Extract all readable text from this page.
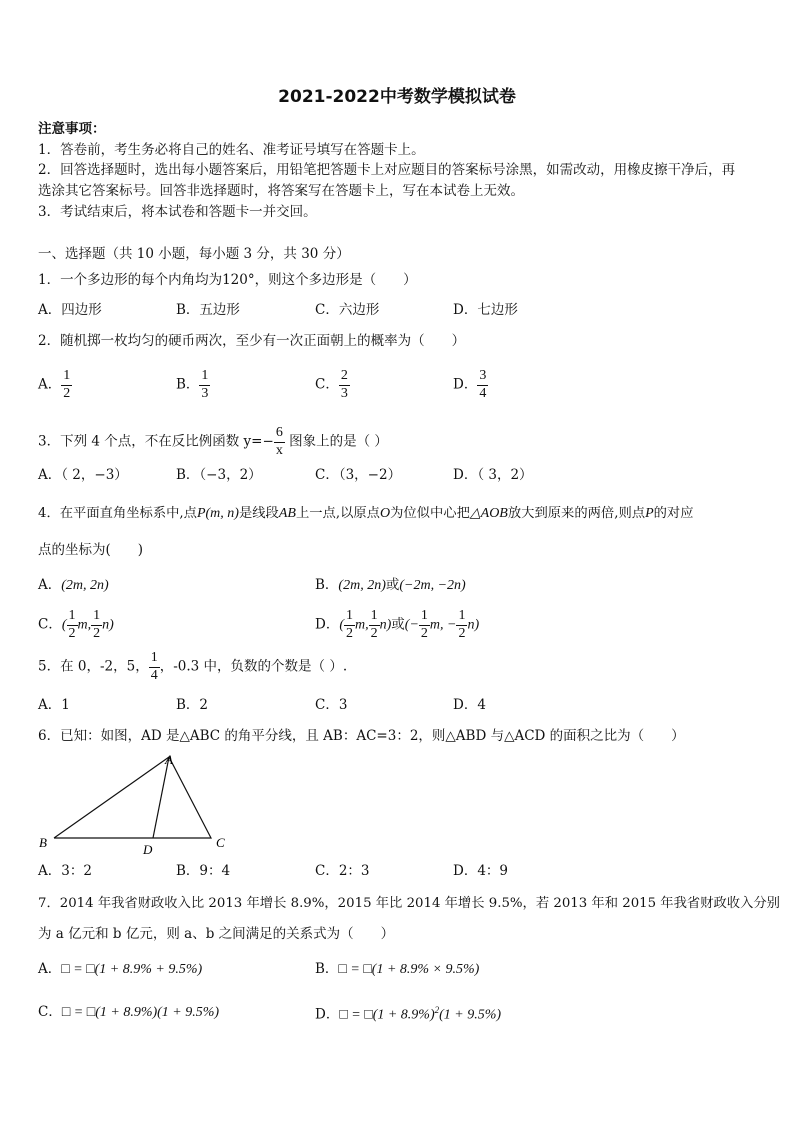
2021-2022中考数学模拟试卷
注意事项：
1．答卷前，考生务必将自己的姓名、准考证号填写在答题卡上。
2．回答选择题时，选出每小题答案后，用铅笔把答题卡上对应题目的答案标号涂黑，如需改动，用橡皮擦干净后，再
选涂其它答案标号。回答非选择题时，将答案写在答题卡上，写在本试卷上无效。
3．考试结束后，将本试卷和答题卡一并交回。
一、选择题（共 10 小题，每小题 3 分，共 30 分）
1．一个多边形的每个内角均为120°，则这个多边形是（　　）
A．四边形	B．五边形	C．六边形	D．七边形
2．随机掷一枚均匀的硬币两次，至少有一次正面朝上的概率为（　　）
A． $\frac{1}{2}$	B． $\frac{1}{3}$	C． $\frac{2}{3}$	D． $\frac{3}{4}$
3．下列 4 个点，不在反比例函数 $y=- \frac{6}{x}$ 图象上的是（ ）
A．（ 2，−3）	B．（−3，2）	C．（3，−2）	D．（ 3，2）
4．在平面直角坐标系中,点P(m, n)是线段AB上一点,以原点O为位似中心把△AOB放大到原来的两倍,则点P的对应
点的坐标为(　　)
A．(2m, 2n)	B．(2m, 2n)或(−2m, −2n)
C．( $\frac{1}{2} m$, $\frac{1}{2} n$)	D．( $\frac{1}{2} m$, $\frac{1}{2} n$)或(− $\frac{1}{2} m$, − $\frac{1}{2} n$)
5．在 0，-2，5， $\frac{1}{4}$ ，-0.3 中，负数的个数是（ ）.
A．1	B．2	C．3	D．4
6．已知：如图，AD 是△ABC 的角平分线，且 AB：AC=3：2，则△ABD 与△ACD 的面积之比为（　　）
A
B	C
D
A．3：2	B．9：4	C．2：3	D．4：9
7．2014 年我省财政收入比 2013 年增长 8.9%，2015 年比 2014 年增长 9.5%，若 2013 年和 2015 年我省财政收入分别
为 a 亿元和 b 亿元，则 a、b 之间满足的关系式为（　　）
A．□ = □(1 + 8.9% + 9.5%)	B．□ = □(1 + 8.9% × 9.5%)
C．□ = □(1 + 8.9%)(1 + 9.5%)	D．□ = □(1 + 8.9%)$^2$(1 + 9.5%)
